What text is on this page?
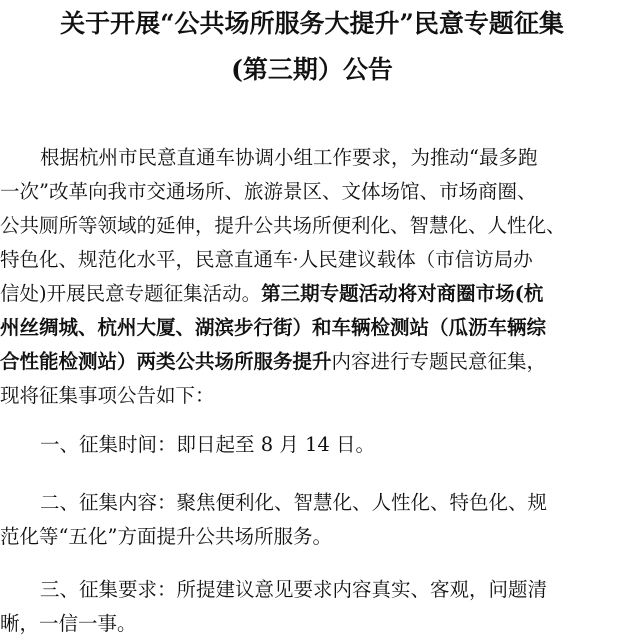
关于开展“公共场所服务大提升”民意专题征集
(第三期）公告
根据杭州市民意直通车协调小组工作要求，为推动“最多跑
一次”改革向我市交通场所、旅游景区、文体场馆、市场商圈、
公共厕所等领域的延伸，提升公共场所便利化、智慧化、人性化、
特色化、规范化水平，民意直通车·人民建议载体（市信访局办
信处)开展民意专题征集活动。第三期专题活动将对商圈市场(杭
州丝绸城、杭州大厦、湖滨步行街）和车辆检测站（瓜沥车辆综
合性能检测站）两类公共场所服务提升内容进行专题民意征集，
现将征集事项公告如下：
一、征集时间：即日起至 8 月 14 日。
二、征集内容：聚焦便利化、智慧化、人性化、特色化、规
范化等“五化”方面提升公共场所服务。
三、征集要求：所提建议意见要求内容真实、客观，问题清
晰，一信一事。
